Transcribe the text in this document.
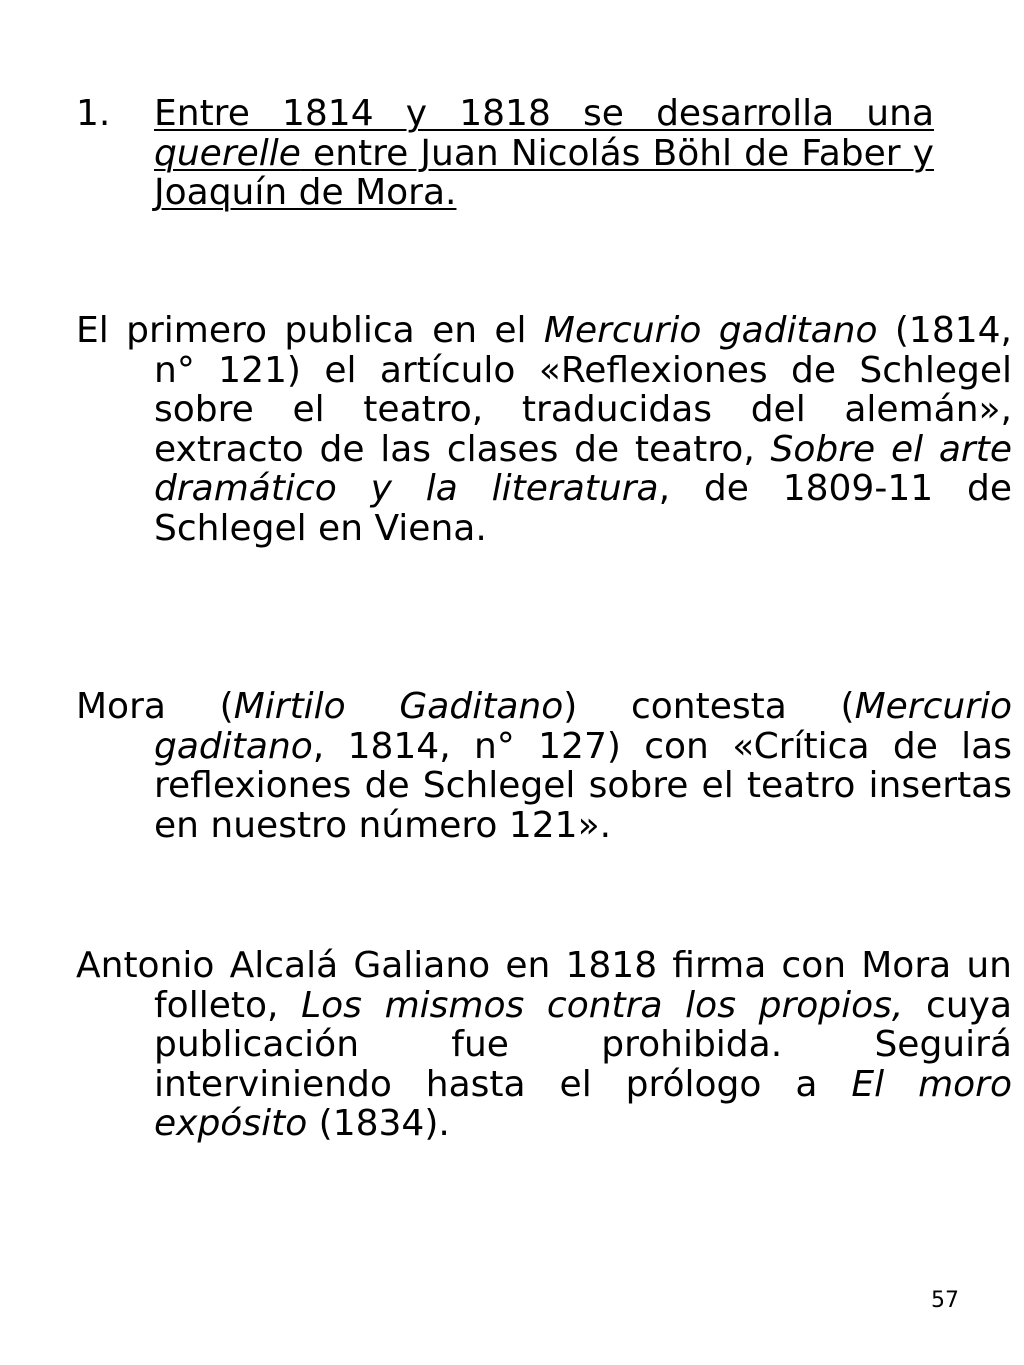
1.	Entre 1814 y 1818 se desarrolla una querelle entre Juan Nicolás Böhl de Faber y Joaquín de Mora.

El primero publica en el Mercurio gaditano (1814, n° 121) el artículo «Reflexiones de Schlegel sobre el teatro, traducidas del alemán», extracto de las clases de teatro, Sobre el arte dramático y la literatura, de 1809-11 de Schlegel en Viena.

Mora (Mirtilo Gaditano) contesta (Mercurio gaditano, 1814, n° 127) con «Crítica de las reflexiones de Schlegel sobre el teatro insertas en nuestro número 121».

Antonio Alcalá Galiano en 1818 firma con Mora un folleto, Los mismos contra los propios, cuya publicación fue prohibida. Seguirá interviniendo hasta el prólogo a El moro expósito (1834).

57
